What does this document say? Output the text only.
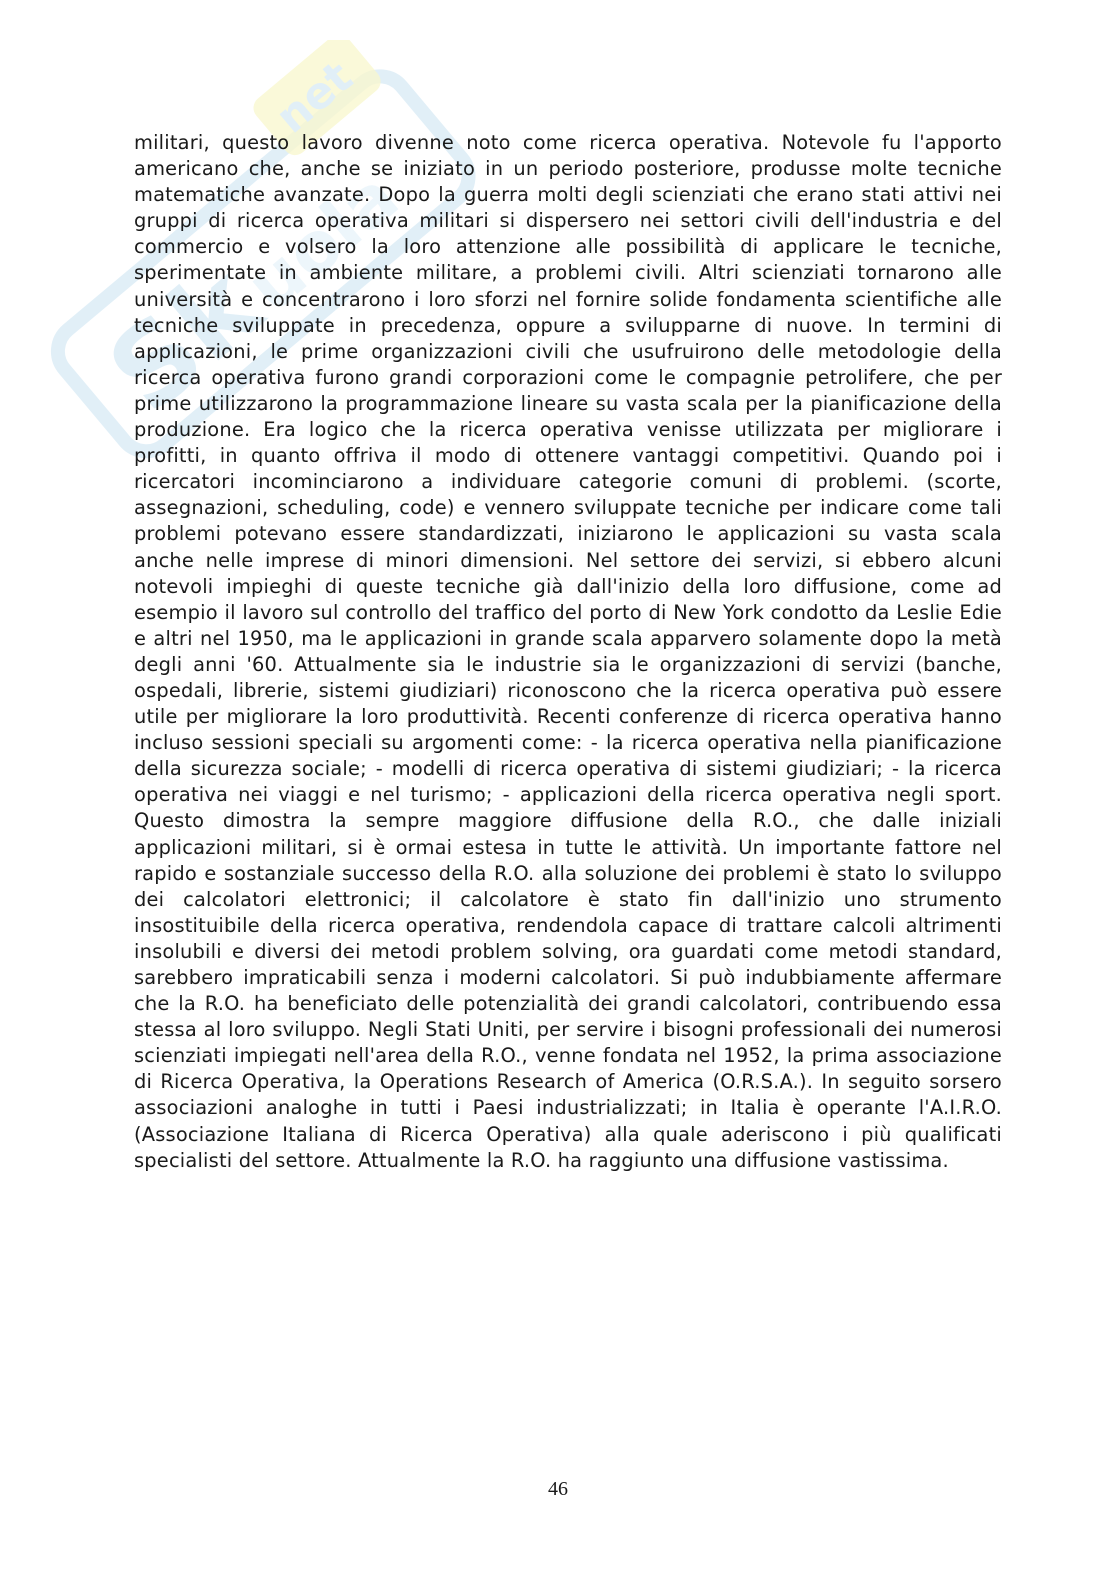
Sk
uola
net

militari, questo lavoro divenne noto come ricerca operativa. Notevole fu l'apporto americano che, anche se iniziato in un periodo posteriore, produsse molte tecniche matematiche avanzate. Dopo la guerra molti degli scienziati che erano stati attivi nei gruppi di ricerca operativa militari si dispersero nei settori civili dell'industria e del commercio e volsero la loro attenzione alle possibilità di applicare le tecniche, sperimentate in ambiente militare, a problemi civili. Altri scienziati tornarono alle università e concentrarono i loro sforzi nel fornire solide fondamenta scientifiche alle tecniche sviluppate in precedenza, oppure a svilupparne di nuove. In termini di applicazioni, le prime organizzazioni civili che usufruirono delle metodologie della ricerca operativa furono grandi corporazioni come le compagnie petrolifere, che per prime utilizzarono la programmazione lineare su vasta scala per la pianificazione della produzione. Era logico che la ricerca operativa venisse utilizzata per migliorare i profitti, in quanto offriva il modo di ottenere vantaggi competitivi. Quando poi i ricercatori incominciarono a individuare categorie comuni di problemi. (scorte, assegnazioni, scheduling, code) e vennero sviluppate tecniche per indicare come tali problemi potevano essere standardizzati, iniziarono le applicazioni su vasta scala anche nelle imprese di minori dimensioni. Nel settore dei servizi, si ebbero alcuni notevoli impieghi di queste tecniche già dall'inizio della loro diffusione, come ad esempio il lavoro sul controllo del traffico del porto di New York condotto da Leslie Edie e altri nel 1950, ma le applicazioni in grande scala apparvero solamente dopo la metà degli anni '60. Attualmente sia le industrie sia le organizzazioni di servizi (banche, ospedali, librerie, sistemi giudiziari) riconoscono che la ricerca operativa può essere utile per migliorare la loro produttività. Recenti conferenze di ricerca operativa hanno incluso sessioni speciali su argomenti come: - la ricerca operativa nella pianificazione della sicurezza sociale; - modelli di ricerca operativa di sistemi giudiziari; - la ricerca operativa nei viaggi e nel turismo; - applicazioni della ricerca operativa negli sport. Questo dimostra la sempre maggiore diffusione della R.O., che dalle iniziali applicazioni militari, si è ormai estesa in tutte le attività. Un importante fattore nel rapido e sostanziale successo della R.O. alla soluzione dei problemi è stato lo sviluppo dei calcolatori elettronici; il calcolatore è stato fin dall'inizio uno strumento insostituibile della ricerca operativa, rendendola capace di trattare calcoli altrimenti insolubili e diversi dei metodi problem solving, ora guardati come metodi standard, sarebbero impraticabili senza i moderni calcolatori. Si può indubbiamente affermare che la R.O. ha beneficiato delle potenzialità dei grandi calcolatori, contribuendo essa stessa al loro sviluppo. Negli Stati Uniti, per servire i bisogni professionali dei numerosi scienziati impiegati nell'area della R.O., venne fondata nel 1952, la prima associazione di Ricerca Operativa, la Operations Research of America (O.R.S.A.). In seguito sorsero associazioni analoghe in tutti i Paesi industrializzati; in Italia è operante l'A.I.R.O. (Associazione Italiana di Ricerca Operativa) alla quale aderiscono i più qualificati specialisti del settore. Attualmente la R.O. ha raggiunto una diffusione vastissima.

46
